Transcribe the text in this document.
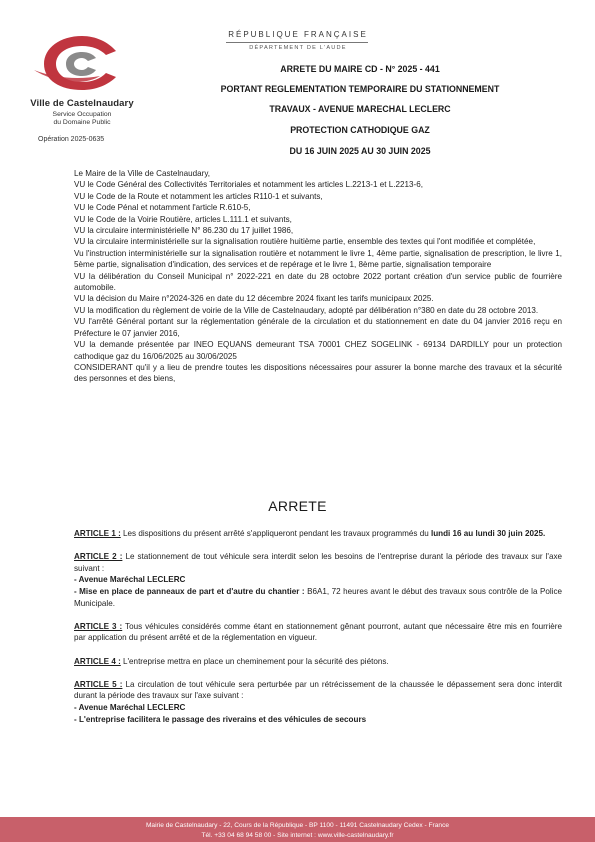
Ville de Castelnaudary
Service Occupation
du Domaine Public
Opération 2025-0635
RÉPUBLIQUE FRANÇAISE
DÉPARTEMENT DE L'AUDE
ARRETE DU MAIRE CD - N° 2025 - 441
PORTANT REGLEMENTATION TEMPORAIRE DU STATIONNEMENT
TRAVAUX - AVENUE MARECHAL LECLERC
PROTECTION CATHODIQUE GAZ
DU 16 JUIN 2025 AU 30 JUIN 2025

Le Maire de la Ville de Castelnaudary,

VU le Code Général des Collectivités Territoriales et notamment les articles L.2213-1 et L.2213-6,

VU le Code de la Route et notamment les articles R110-1 et suivants,

VU le Code Pénal et notamment l'article R.610-5,

VU le Code de la Voirie Routière, articles L.111.1 et suivants,

VU la circulaire interministérielle N° 86.230 du 17 juillet 1986,

VU la circulaire interministérielle sur la signalisation routière huitième partie, ensemble des textes qui l'ont modifiée et complétée,

Vu l'instruction interministérielle sur la signalisation routière et notamment le livre 1, 4ème partie, signalisation de prescription, le livre 1, 5ème partie, signalisation d'indication, des services et de repérage et le livre 1, 8ème partie, signalisation temporaire

VU la délibération du Conseil Municipal n° 2022-221 en date du 28 octobre 2022 portant création d'un service public de fourrière automobile.

VU la décision du Maire n°2024-326 en date du 12 décembre 2024 fixant les tarifs municipaux 2025.

VU la modification du règlement de voirie de la Ville de Castelnaudary, adopté par délibération n°380 en date du 28 octobre 2013.

VU l'arrêté Général portant sur la réglementation générale de la circulation et du stationnement en date du 04 janvier 2016 reçu en Préfecture le 07 janvier 2016,

VU la demande présentée par INEO EQUANS demeurant TSA 70001 CHEZ SOGELINK - 69134 DARDILLY pour un protection cathodique gaz du 16/06/2025 au 30/06/2025

CONSIDERANT qu'il y a lieu de prendre toutes les dispositions nécessaires pour assurer la bonne marche des travaux et la sécurité des personnes et des biens,

ARRETE
ARTICLE 1 : Les dispositions du présent arrêté s'appliqueront pendant les travaux programmés du lundi 16 au lundi 30 juin 2025.
ARTICLE 2 : Le stationnement de tout véhicule sera interdit selon les besoins de l'entreprise durant la période des travaux sur l'axe suivant :
- Avenue Maréchal LECLERC
- Mise en place de panneaux de part et d'autre du chantier : B6A1, 72 heures avant le début des travaux sous contrôle de la Police Municipale.
ARTICLE 3 : Tous véhicules considérés comme étant en stationnement gênant pourront, autant que nécessaire être mis en fourrière par application du présent arrêté et de la réglementation en vigueur.
ARTICLE 4 : L'entreprise mettra en place un cheminement pour la sécurité des piétons.
ARTICLE 5 : La circulation de tout véhicule sera perturbée par un rétrécissement de la chaussée le dépassement sera donc interdit durant la période des travaux sur l'axe suivant :
- Avenue Maréchal LECLERC
- L'entreprise facilitera le passage des riverains et des véhicules de secours
Mairie de Castelnaudary - 22, Cours de la République - BP 1100 - 11491 Castelnaudary Cedex - France
Tél. +33 04 68 94 58 00 - Site internet : www.ville-castelnaudary.fr
